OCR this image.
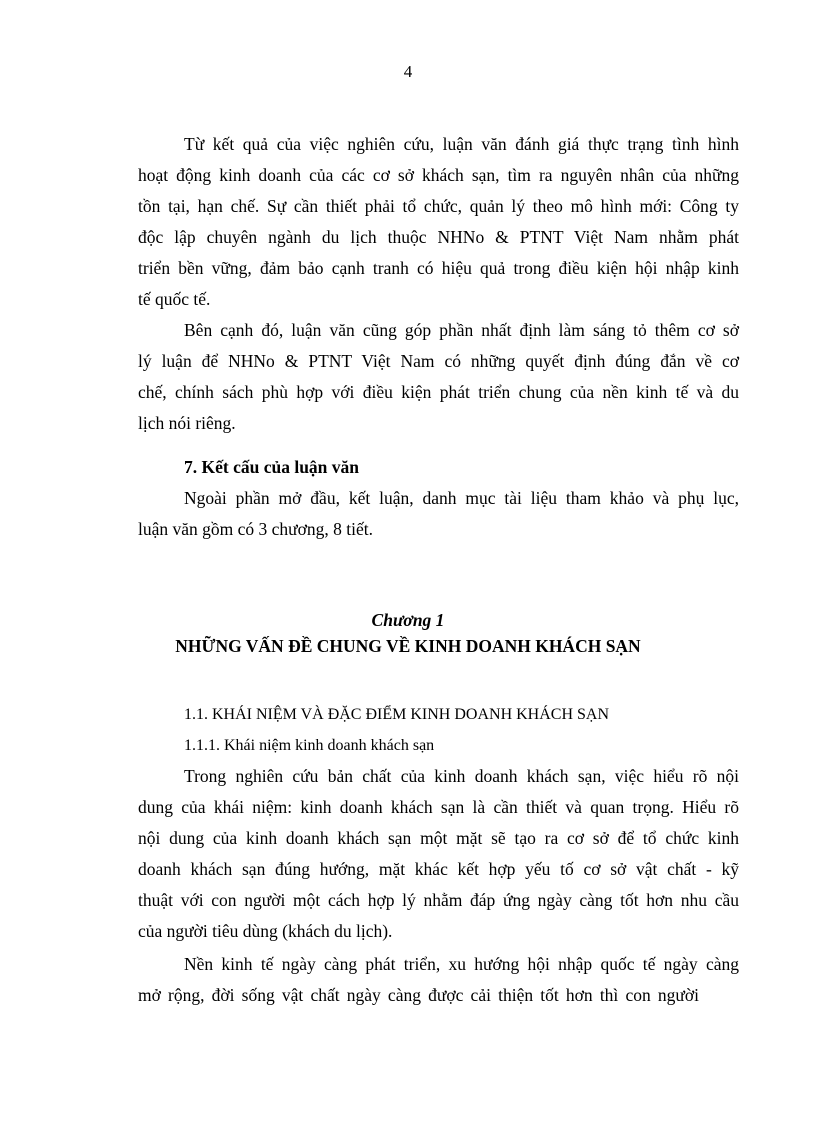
4
Từ kết quả của việc nghiên cứu, luận văn đánh giá thực trạng tình hình
hoạt động kinh doanh của các cơ sở khách sạn, tìm ra nguyên nhân của những
tồn tại, hạn chế. Sự cần thiết phải tổ chức, quản lý theo mô hình mới: Công ty
độc lập chuyên ngành du lịch thuộc NHNo & PTNT Việt Nam nhằm phát
triển bền vững, đảm bảo cạnh tranh có hiệu quả trong điều kiện hội nhập kinh
tế quốc tế.
Bên cạnh đó, luận văn cũng góp phần nhất định làm sáng tỏ thêm cơ sở
lý luận để NHNo & PTNT Việt Nam có những quyết định đúng đắn về cơ
chế, chính sách phù hợp với điều kiện phát triển chung của nền kinh tế và du
lịch nói riêng.
7. Kết cấu của luận văn
Ngoài phần mở đầu, kết luận, danh mục tài liệu tham khảo và phụ lục,
luận văn gồm có 3 chương, 8 tiết.
Chương 1
NHỮNG VẤN ĐỀ CHUNG VỀ KINH DOANH KHÁCH SẠN
1.1. KHÁI NIỆM VÀ ĐẶC ĐIỂM KINH DOANH KHÁCH SẠN
1.1.1. Khái niệm kinh doanh khách sạn
Trong nghiên cứu bản chất của kinh doanh khách sạn, việc hiểu rõ nội
dung của khái niệm: kinh doanh khách sạn là cần thiết và quan trọng. Hiểu rõ
nội dung của kinh doanh khách sạn một mặt sẽ tạo ra cơ sở để tổ chức kinh
doanh khách sạn đúng hướng, mặt khác kết hợp yếu tố cơ sở vật chất - kỹ
thuật với con người một cách hợp lý nhằm đáp ứng ngày càng tốt hơn nhu cầu
của người tiêu dùng (khách du lịch).
Nền kinh tế ngày càng phát triển, xu hướng hội nhập quốc tế ngày càng
mở rộng, đời sống vật chất ngày càng được cải thiện tốt hơn thì con người
